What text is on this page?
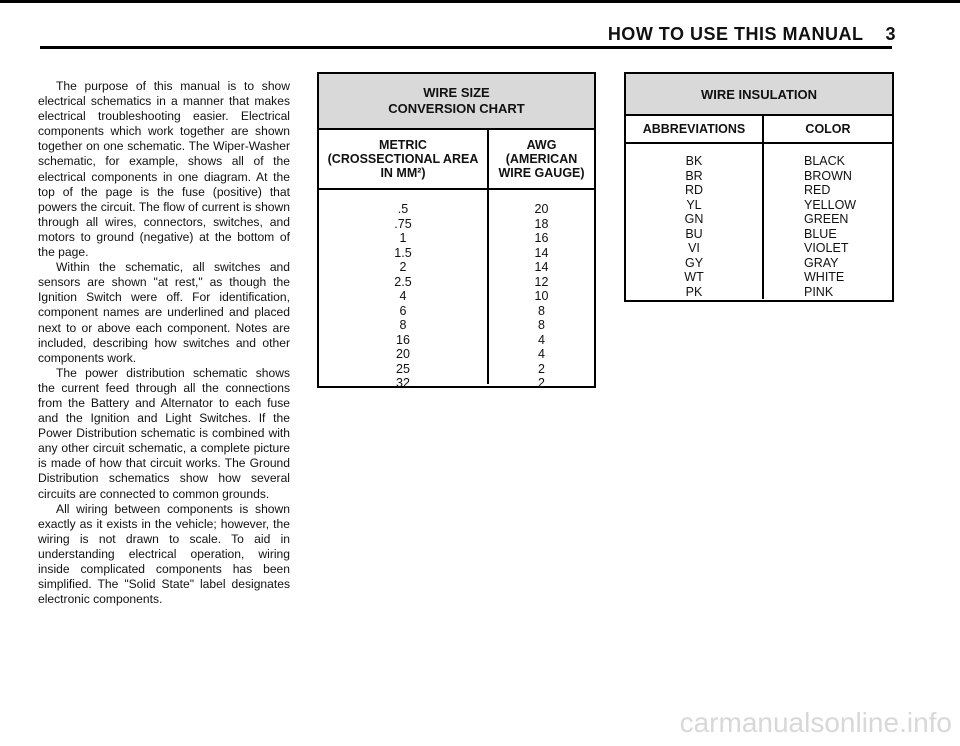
HOW TO USE THIS MANUAL 3

The purpose of this manual is to show electrical schematics in a manner that makes electrical troubleshooting easier. Electrical components which work together are shown together on one schematic. The Wiper-Washer schematic, for example, shows all of the electrical components in one diagram. At the top of the page is the fuse (positive) that powers the circuit. The flow of current is shown through all wires, connectors, switches, and motors to ground (negative) at the bottom of the page.

Within the schematic, all switches and sensors are shown "at rest," as though the Ignition Switch were off. For identification, component names are underlined and placed next to or above each component. Notes are included, describing how switches and other components work.

The power distribution schematic shows the current feed through all the connections from the Battery and Alternator to each fuse and the Ignition and Light Switches. If the Power Distribution schematic is combined with any other circuit schematic, a complete picture is made of how that circuit works. The Ground Distribution schematics show how several circuits are connected to common grounds.

All wiring between components is shown exactly as it exists in the vehicle; however, the wiring is not drawn to scale. To aid in understanding electrical operation, wiring inside complicated components has been simplified. The "Solid State" label designates electronic components.

WIRE SIZE
CONVERSION CHART
METRIC
(CROSSECTIONAL AREA
IN MM²)
AWG
(AMERICAN
WIRE GAUGE)
.5
.75
1
1.5
2
2.5
4
6
8
16
20
25
32
20
18
16
14
14
12
10
8
8
4
4
2
2
WIRE INSULATION
ABBREVIATIONS	COLOR
BK
BR
RD
YL
GN
BU
VI
GY
WT
PK
BLACK
BROWN
RED
YELLOW
GREEN
BLUE
VIOLET
GRAY
WHITE
PINK
carmanualsonline.info
